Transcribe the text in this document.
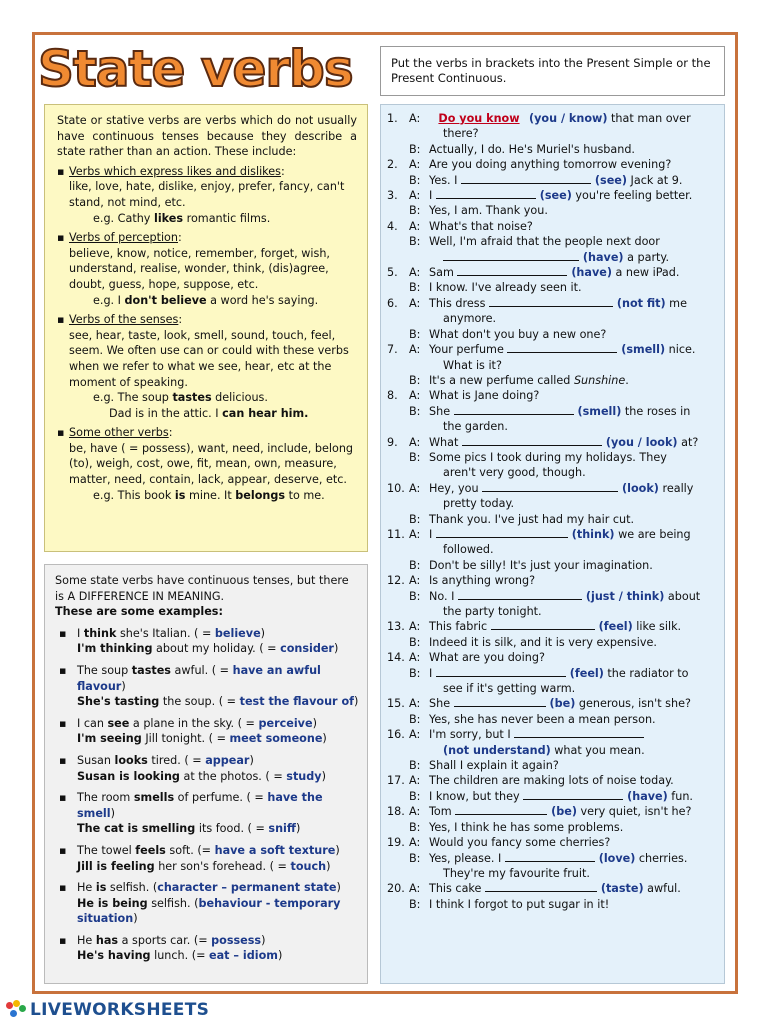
State verbs	Put the verbs in brackets into the Present Simple or the Present Continuous.

State or stative verbs are verbs which do not usually have continuous tenses because they describe a state rather than an action. These include:

▪ Verbs which express likes and dislikes:
like, love, hate, dislike, enjoy, prefer, fancy, can't stand, not mind, etc.
e.g. Cathy likes romantic films.
▪ Verbs of perception:
believe, know, notice, remember, forget, wish, understand, realise, wonder, think, (dis)agree, doubt, guess, hope, suppose, etc.
e.g. I don't believe a word he's saying.
▪ Verbs of the senses:
see, hear, taste, look, smell, sound, touch, feel, seem. We often use can or could with these verbs when we refer to what we see, hear, etc at the moment of speaking.
e.g. The soup tastes delicious.
Dad is in the attic. I can hear him.
▪ Some other verbs:
be, have ( = possess), want, need, include, belong (to), weigh, cost, owe, fit, mean, own, measure, matter, need, contain, lack, appear, deserve, etc.
e.g. This book is mine. It belongs to me.
Some state verbs have continuous tenses, but there is A DIFFERENCE IN MEANING.
These are some examples:
▪ I think she's Italian. ( = believe)
I'm thinking about my holiday. ( = consider)
▪ The soup tastes awful. ( = have an awful flavour)
She's tasting the soup. ( = test the flavour of)
▪ I can see a plane in the sky. ( = perceive)
I'm seeing Jill tonight. ( = meet someone)
▪ Susan looks tired. ( = appear)
Susan is looking at the photos. ( = study)
▪ The room smells of perfume. ( = have the smell)
The cat is smelling its food. ( = sniff)
▪ The towel feels soft. (= have a soft texture)
Jill is feeling her son's forehead. ( = touch)
▪ He is selfish. (character – permanent state)
He is being selfish. (behaviour - temporary situation)
▪ He has a sports car. (= possess)
He's having lunch. (= eat – idiom)
1.	A: Do you know (you / know) that man over
there?
B: Actually, I do. He's Muriel's husband.
2.	A: Are you doing anything tomorrow evening?
B: Yes. I	(see) Jack at 9.
3.	A: I	(see) you're feeling better.
B: Yes, I am. Thank you.
4.	A: What's that noise?
B: Well, I'm afraid that the people next door
(have) a party.
5.	A: Sam	(have) a new iPad.
B: I know. I've already seen it.
6.	A: This dress	(not fit) me
anymore.
B: What don't you buy a new one?
7.	A: Your perfume	(smell) nice.
What is it?
B: It's a new perfume called Sunshine.
8.	A: What is Jane doing?
B: She	(smell) the roses in
the garden.
9.	A: What	(you / look) at?
B: Some pics I took during my holidays. They
aren't very good, though.
10. A: Hey, you	(look) really
pretty today.
B: Thank you. I've just had my hair cut.
11. A: I	(think) we are being
followed.
B: Don't be silly! It's just your imagination.
12. A: Is anything wrong?
B: No. I	(just / think) about
the party tonight.
13. A: This fabric	(feel) like silk.
B: Indeed it is silk, and it is very expensive.
14. A: What are you doing?
B: I	(feel) the radiator to
see if it's getting warm.
15. A: She	(be) generous, isn't she?
B: Yes, she has never been a mean person.
16. A: I'm sorry, but I
(not understand) what you mean.
B: Shall I explain it again?
17. A: The children are making lots of noise today.
B: I know, but they	(have) fun.
18. A: Tom	(be) very quiet, isn't he?
B: Yes, I think he has some problems.
19. A: Would you fancy some cherries?
B: Yes, please. I	(love) cherries.
They're my favourite fruit.
20. A: This cake	(taste) awful.
B: I think I forgot to put sugar in it!
LIVEWORKSHEETS
